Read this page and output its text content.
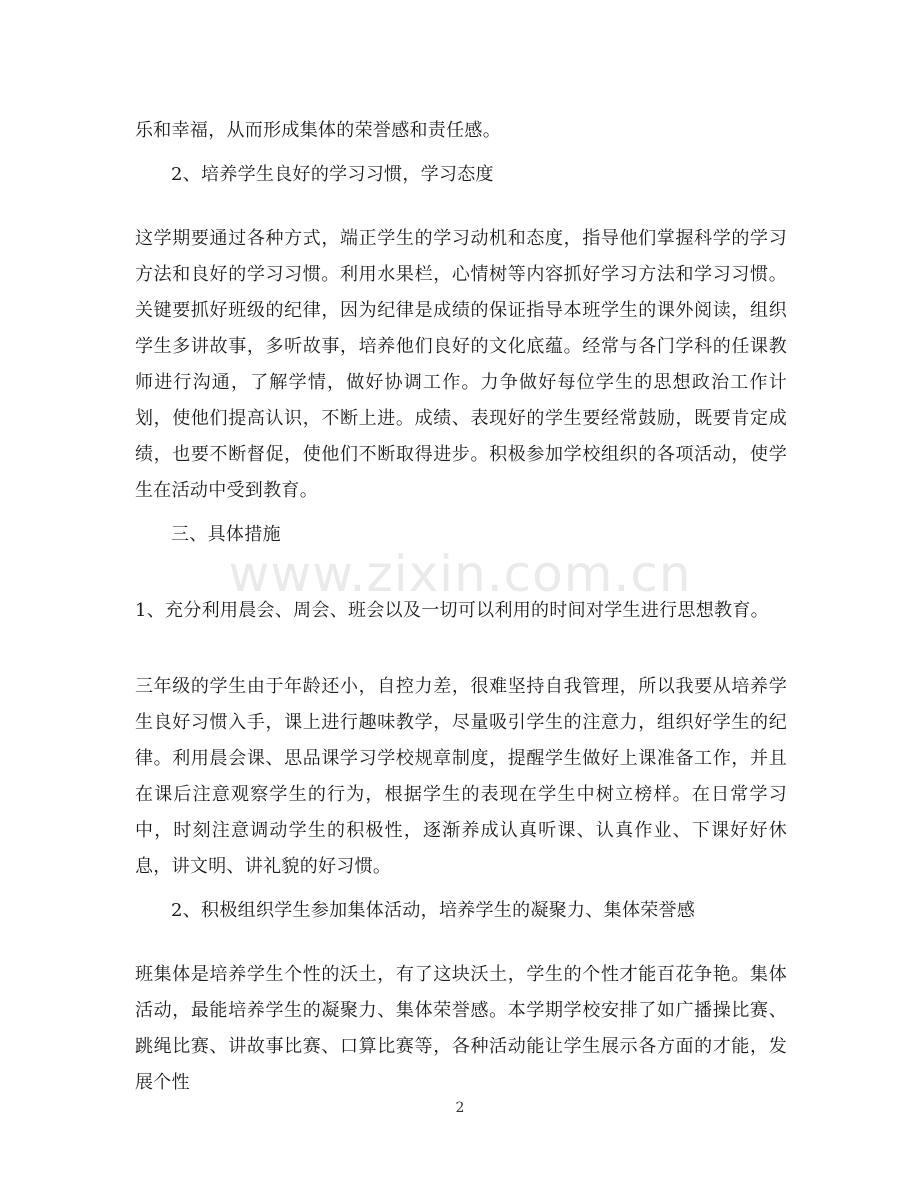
乐和幸福，从而形成集体的荣誉感和责任感。

2、培养学生良好的学习习惯，学习态度

这学期要通过各种方式，端正学生的学习动机和态度，指导他们掌握科学的学习方法和良好的学习习惯。利用水果栏，心情树等内容抓好学习方法和学习习惯。关键要抓好班级的纪律，因为纪律是成绩的保证指导本班学生的课外阅读，组织学生多讲故事，多听故事，培养他们良好的文化底蕴。经常与各门学科的任课教师进行沟通，了解学情，做好协调工作。力争做好每位学生的思想政治工作计划，使他们提高认识，不断上进。成绩、表现好的学生要经常鼓励，既要肯定成绩，也要不断督促，使他们不断取得进步。积极参加学校组织的各项活动，使学生在活动中受到教育。

三、具体措施

1、充分利用晨会、周会、班会以及一切可以利用的时间对学生进行思想教育。

三年级的学生由于年龄还小，自控力差，很难坚持自我管理，所以我要从培养学生良好习惯入手，课上进行趣味教学，尽量吸引学生的注意力，组织好学生的纪律。利用晨会课、思品课学习学校规章制度，提醒学生做好上课准备工作，并且在课后注意观察学生的行为，根据学生的表现在学生中树立榜样。在日常学习中，时刻注意调动学生的积极性，逐渐养成认真听课、认真作业、下课好好休息，讲文明、讲礼貌的好习惯。

2、积极组织学生参加集体活动，培养学生的凝聚力、集体荣誉感

班集体是培养学生个性的沃土，有了这块沃土，学生的个性才能百花争艳。集体活动，最能培养学生的凝聚力、集体荣誉感。本学期学校安排了如广播操比赛、跳绳比赛、讲故事比赛、口算比赛等，各种活动能让学生展示各方面的才能，发展个性

www.zixin.com.cn
2
